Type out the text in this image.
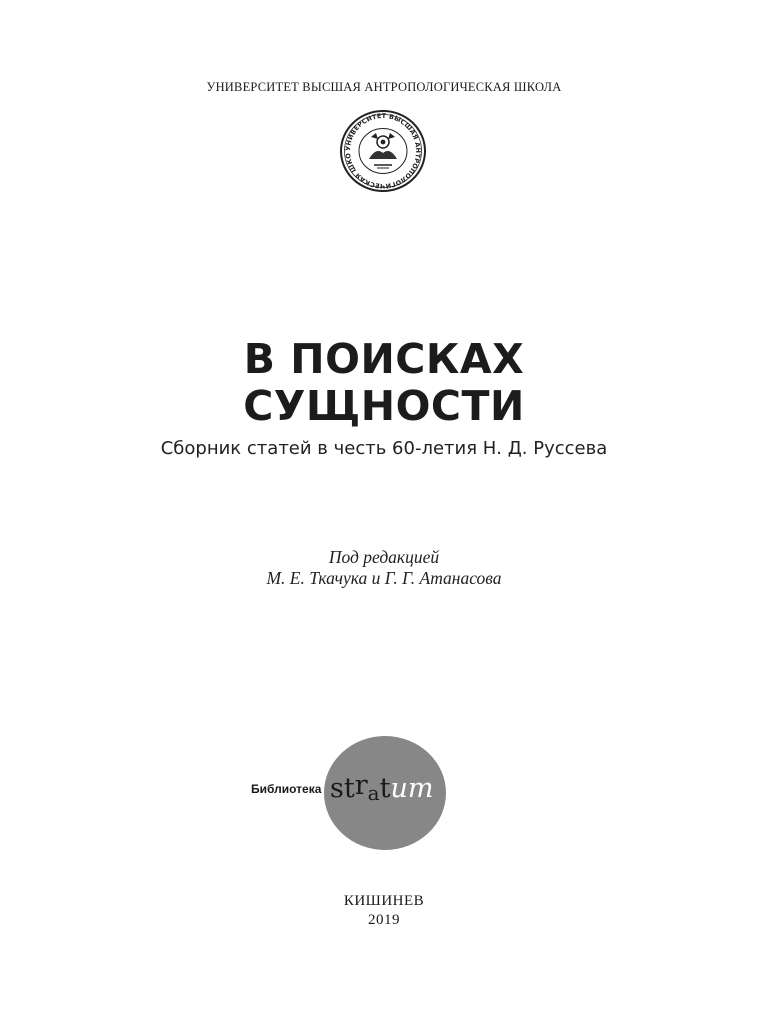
УНИВЕРСИТЕТ ВЫСШАЯ АНТРОПОЛОГИЧЕСКАЯ ШКОЛА
УНИВЕРСИТЕТ ВЫСШАЯ АНТРОПОЛОГИЧЕСКАЯ ШКО
В ПОИСКАХ
СУЩНОСТИ
Сборник статей в честь 60-летия Н. Д. Руссева
Под редакцией
М. Е. Ткачука и Г. Г. Атанасова
Библиотека stratum
КИШИНЕВ
2019
